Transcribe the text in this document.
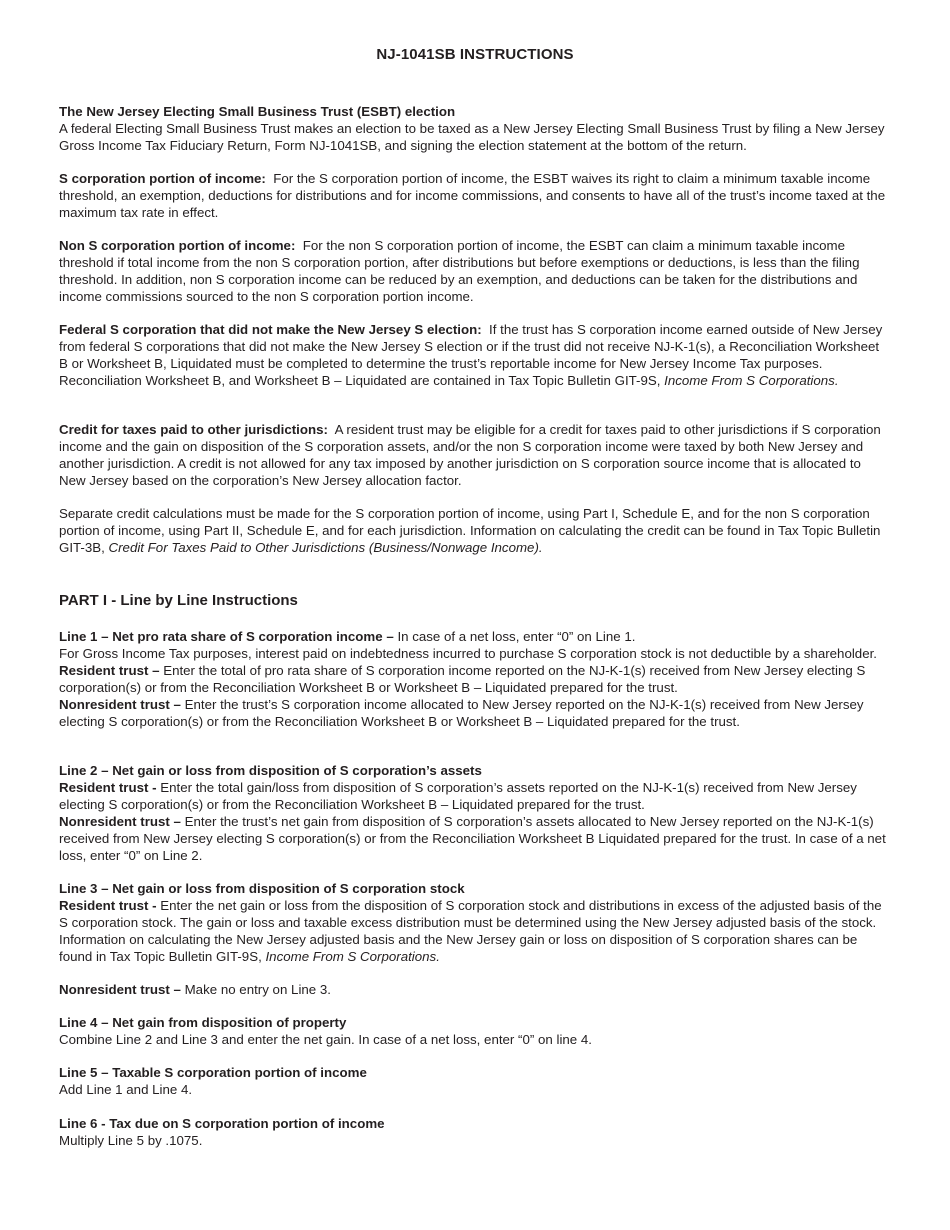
NJ-1041SB INSTRUCTIONS

The New Jersey Electing Small Business Trust (ESBT) election

A federal Electing Small Business Trust makes an election to be taxed as a New Jersey Electing Small Business Trust by filing a New Jersey Gross Income Tax Fiduciary Return, Form NJ-1041SB, and signing the election statement at the bottom of the return.

S corporation portion of income: For the S corporation portion of income, the ESBT waives its right to claim a minimum taxable income threshold, an exemption, deductions for distributions and for income commissions, and consents to have all of the trust’s income taxed at the maximum tax rate in effect.

Non S corporation portion of income: For the non S corporation portion of income, the ESBT can claim a minimum taxable income threshold if total income from the non S corporation portion, after distributions but before exemptions or deductions, is less than the filing threshold. In addition, non S corporation income can be reduced by an exemption, and deductions can be taken for the distributions and income commissions sourced to the non S corporation portion income.

Federal S corporation that did not make the New Jersey S election: If the trust has S corporation income earned outside of New Jersey from federal S corporations that did not make the New Jersey S election or if the trust did not receive NJ-K-1(s), a Reconciliation Worksheet B or Worksheet B, Liquidated must be completed to determine the trust’s reportable income for New Jersey Income Tax purposes. Reconciliation Worksheet B, and Worksheet B – Liquidated are contained in Tax Topic Bulletin GIT-9S, Income From S Corporations.

Credit for taxes paid to other jurisdictions: A resident trust may be eligible for a credit for taxes paid to other jurisdictions if S corporation income and the gain on disposition of the S corporation assets, and/or the non S corporation income were taxed by both New Jersey and another jurisdiction. A credit is not allowed for any tax imposed by another jurisdiction on S corporation source income that is allocated to New Jersey based on the corporation’s New Jersey allocation factor.

Separate credit calculations must be made for the S corporation portion of income, using Part I, Schedule E, and for the non S corporation portion of income, using Part II, Schedule E, and for each jurisdiction. Information on calculating the credit can be found in Tax Topic Bulletin GIT-3B, Credit For Taxes Paid to Other Jurisdictions (Business/Nonwage Income).

PART I - Line by Line Instructions

Line 1 – Net pro rata share of S corporation income – In case of a net loss, enter “0” on Line 1.

For Gross Income Tax purposes, interest paid on indebtedness incurred to purchase S corporation stock is not deductible by a shareholder.

Resident trust – Enter the total of pro rata share of S corporation income reported on the NJ-K-1(s) received from New Jersey electing S corporation(s) or from the Reconciliation Worksheet B or Worksheet B – Liquidated prepared for the trust.

Nonresident trust – Enter the trust’s S corporation income allocated to New Jersey reported on the NJ-K-1(s) received from New Jersey electing S corporation(s) or from the Reconciliation Worksheet B or Worksheet B – Liquidated prepared for the trust.

Line 2 – Net gain or loss from disposition of S corporation’s assets

Resident trust - Enter the total gain/loss from disposition of S corporation’s assets reported on the NJ-K-1(s) received from New Jersey electing S corporation(s) or from the Reconciliation Worksheet B – Liquidated prepared for the trust.

Nonresident trust – Enter the trust’s net gain from disposition of S corporation’s assets allocated to New Jersey reported on the NJ-K-1(s) received from New Jersey electing S corporation(s) or from the Reconciliation Worksheet B Liquidated prepared for the trust. In case of a net loss, enter “0” on Line 2.

Line 3 – Net gain or loss from disposition of S corporation stock

Resident trust - Enter the net gain or loss from the disposition of S corporation stock and distributions in excess of the adjusted basis of the S corporation stock. The gain or loss and taxable excess distribution must be determined using the New Jersey adjusted basis of the stock. Information on calculating the New Jersey adjusted basis and the New Jersey gain or loss on disposition of S corporation shares can be found in Tax Topic Bulletin GIT-9S, Income From S Corporations.

Nonresident trust – Make no entry on Line 3.

Line 4 – Net gain from disposition of property

Combine Line 2 and Line 3 and enter the net gain. In case of a net loss, enter “0” on line 4.

Line 5 – Taxable S corporation portion of income

Add Line 1 and Line 4.

Line 6 - Tax due on S corporation portion of income

Multiply Line 5 by .1075.
